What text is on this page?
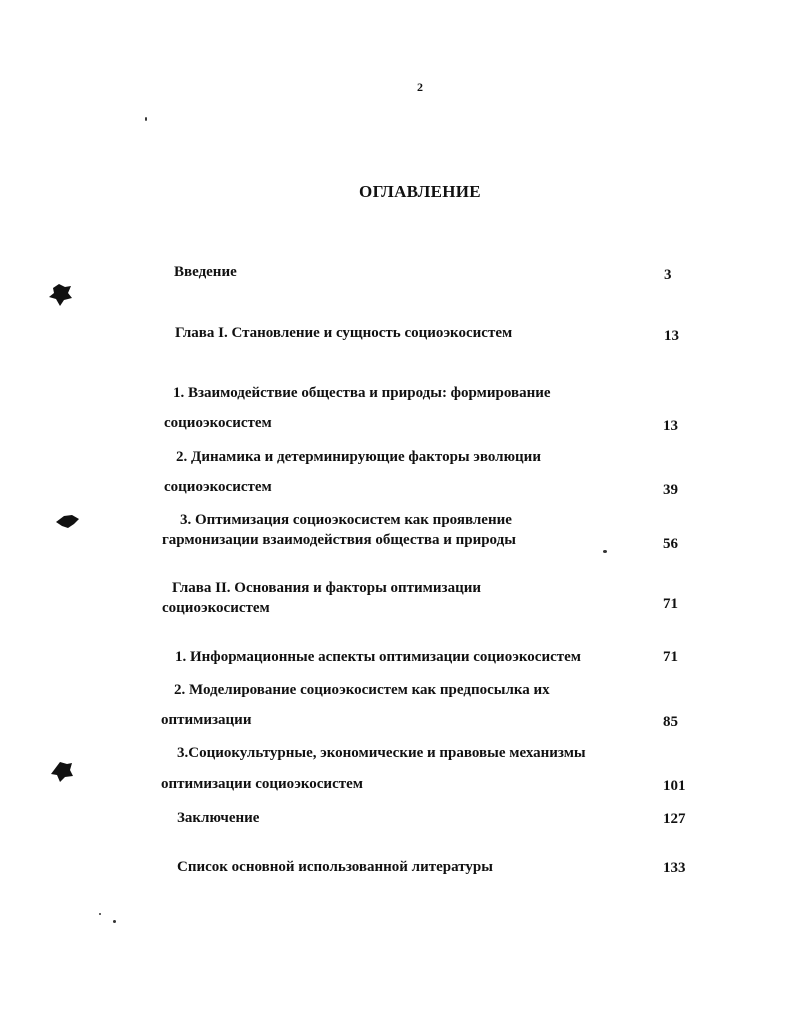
2
ОГЛАВЛЕНИЕ
Введение	3
Глава I. Становление и сущность социоэкосистем	13
1. Взаимодействие общества и природы: формирование
социоэкосистем	13
2. Динамика и детерминирующие факторы эволюции
социоэкосистем	39
3. Оптимизация социоэкосистем как проявление
гармонизации взаимодействия общества и природы	56
Глава II. Основания и факторы оптимизации
социоэкосистем	71
1. Информационные аспекты оптимизации социоэкосистем	71
2. Моделирование социоэкосистем как предпосылка их
оптимизации	85
3.Социокультурные, экономические и правовые механизмы
оптимизации социоэкосистем	101
Заключение	127
Список основной использованной литературы	133
